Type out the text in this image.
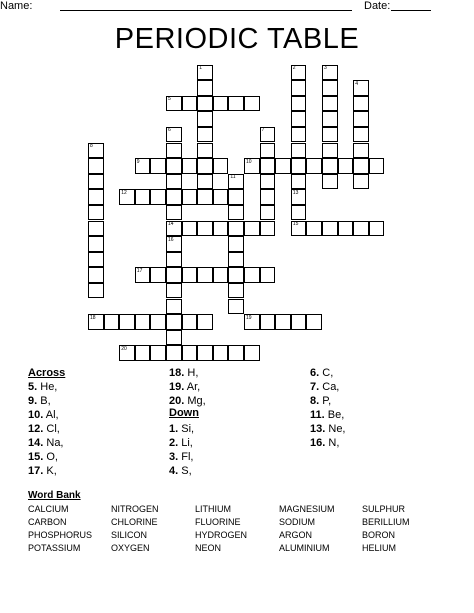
Name:	Date:
PERIODIC TABLE
1	2	3
4
5
6	7
8
9	10
11
12	13
14	15
16
17
18	19
20
Across
Down
5. He,
9. B,
10. Al,
12. Cl,
14. Na,
15. O,
17. K,
18. H,
19. Ar,
20. Mg,
1. Si,
2. Li,
3. Fl,
4. S,
6. C,
7. Ca,
8. P,
11. Be,
13. Ne,
16. N,
Word Bank
CALCIUM	NITROGEN	LITHIUM	MAGNESIUM	SULPHUR
CARBON	CHLORINE	FLUORINE	SODIUM	BERILLIUM
PHOSPHORUS SILICON	HYDROGEN	ARGON	BORON
POTASSIUM	OXYGEN	NEON	ALUMINIUM	HELIUM
